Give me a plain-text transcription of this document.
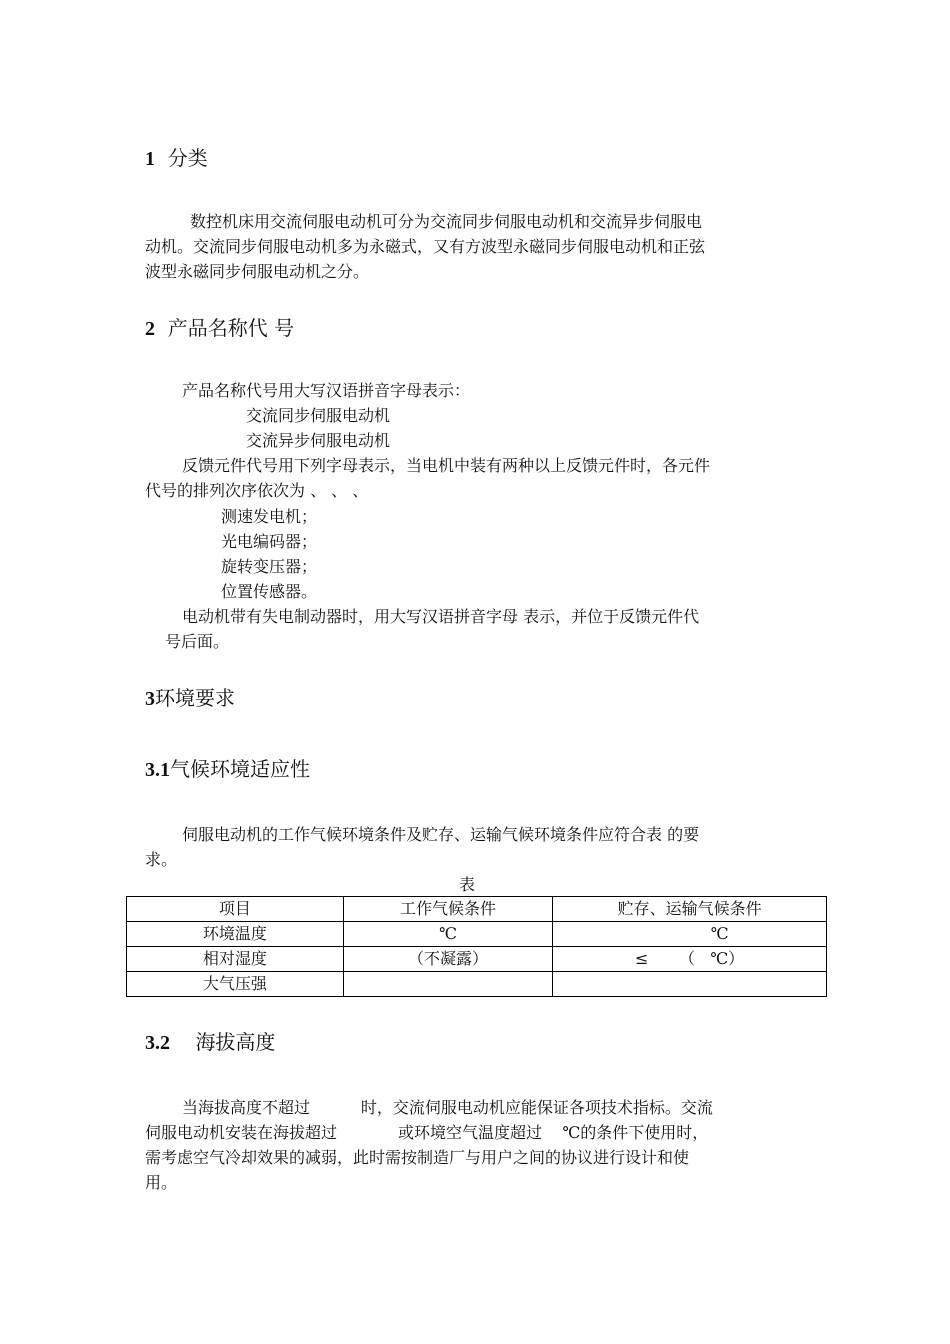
1 分类
数控机床用交流伺服电动机可分为交流同步伺服电动机和交流异步伺服电
动机。交流同步伺服电动机多为永磁式，又有方波型永磁同步伺服电动机和正弦
波型永磁同步伺服电动机之分。
2 产品名称代 号
产品名称代号用大写汉语拼音字母表示：
交流同步伺服电动机
交流异步伺服电动机
反馈元件代号用下列字母表示，当电机中装有两种以上反馈元件时，各元件
代号的排列次序依次为 、 、 、
测速发电机；
光电编码器；
旋转变压器；
位置传感器。
电动机带有失电制动器时，用大写汉语拼音字母 表示，并位于反馈元件代
号后面。
3环境要求
3.1气候环境适应性
伺服电动机的工作气候环境条件及贮存、运输气候环境条件应符合表 的要
求。
表
项目	工作气候条件	贮存、运输气候条件
环境温度	℃	℃
相对湿度	（不凝露）	≤      （   ℃）
大气压强		
3.2 海拔高度
当海拔高度不超过          时，交流伺服电动机应能保证各项技术指标。交流
伺服电动机安装在海拔超过            或环境空气温度超过    ℃的条件下使用时，
需考虑空气冷却效果的减弱，此时需按制造厂与用户之间的协议进行设计和使
用。
